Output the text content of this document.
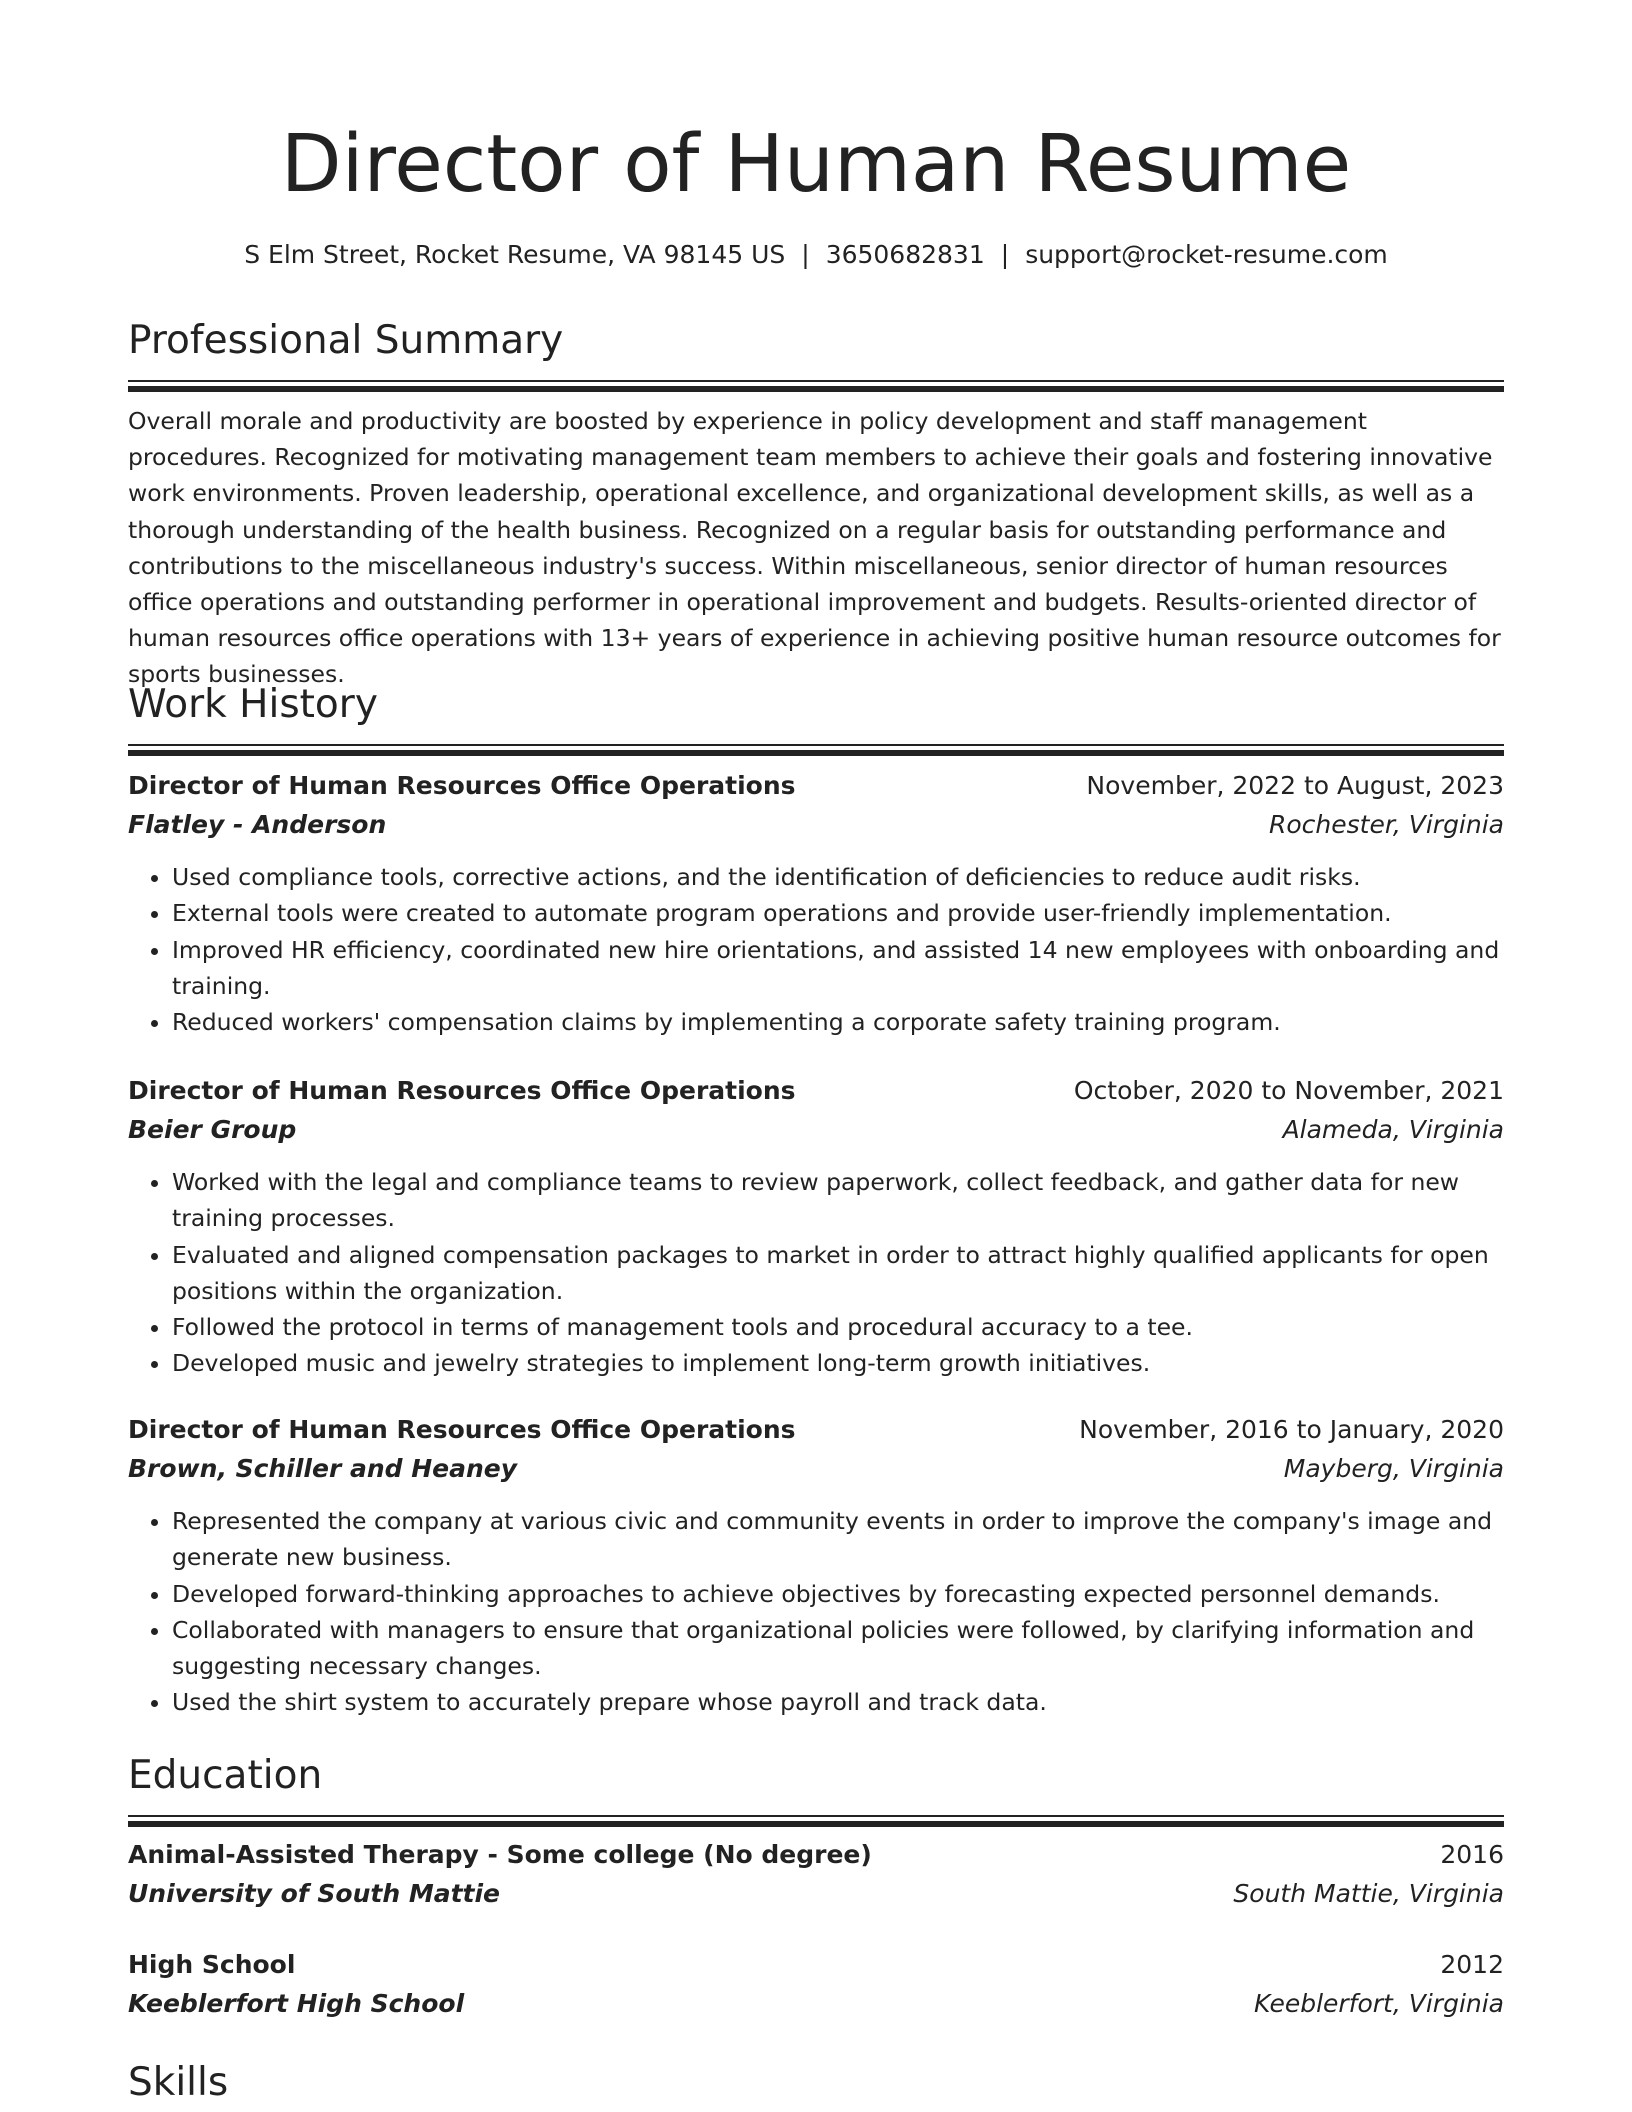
Director of Human Resume
S Elm Street, Rocket Resume, VA 98145 US | 3650682831 | support@rocket-resume.com
Professional Summary
Overall morale and productivity are boosted by experience in policy development and staff management procedures. Recognized for motivating management team members to achieve their goals and fostering innovative work environments. Proven leadership, operational excellence, and organizational development skills, as well as a thorough understanding of the health business. Recognized on a regular basis for outstanding performance and contributions to the miscellaneous industry's success. Within miscellaneous, senior director of human resources office operations and outstanding performer in operational improvement and budgets. Results-oriented director of human resources office operations with 13+ years of experience in achieving positive human resource outcomes for sports businesses.
Work History
Director of Human Resources Office Operations	November, 2022 to August, 2023
Flatley - Anderson	Rochester, Virginia
• Used compliance tools, corrective actions, and the identification of deficiencies to reduce audit risks.
• External tools were created to automate program operations and provide user-friendly implementation.
• Improved HR efficiency, coordinated new hire orientations, and assisted 14 new employees with onboarding and training.
• Reduced workers' compensation claims by implementing a corporate safety training program.
Director of Human Resources Office Operations	October, 2020 to November, 2021
Beier Group	Alameda, Virginia
• Worked with the legal and compliance teams to review paperwork, collect feedback, and gather data for new training processes.
• Evaluated and aligned compensation packages to market in order to attract highly qualified applicants for open positions within the organization.
• Followed the protocol in terms of management tools and procedural accuracy to a tee.
• Developed music and jewelry strategies to implement long-term growth initiatives.
Director of Human Resources Office Operations	November, 2016 to January, 2020
Brown, Schiller and Heaney	Mayberg, Virginia
• Represented the company at various civic and community events in order to improve the company's image and generate new business.
• Developed forward-thinking approaches to achieve objectives by forecasting expected personnel demands.
• Collaborated with managers to ensure that organizational policies were followed, by clarifying information and suggesting necessary changes.
• Used the shirt system to accurately prepare whose payroll and track data.
Education
Animal-Assisted Therapy - Some college (No degree)	2016
University of South Mattie	South Mattie, Virginia
High School	2012
Keeblerfort High School	Keeblerfort, Virginia
Skills
